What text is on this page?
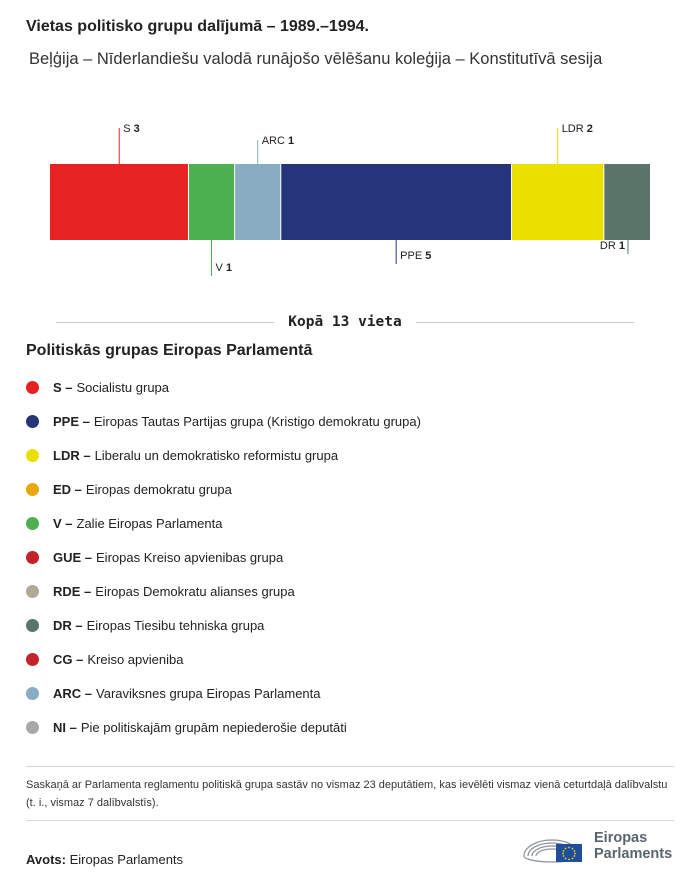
Vietas politisko grupu dalījumā – 1989.–1994.
Beļģija – Nīderlandiešu valodā runājošo vēlēšanu koleģija – Konstitutīvā sesija
S 3
V 1
ARC 1
PPE 5
LDR 2
DR 1
Kopā 13 vieta
Politiskās grupas Eiropas Parlamentā
S – Socialistu grupa
PPE – Eiropas Tautas Partijas grupa (Kristigo demokratu grupa)
LDR – Liberalu un demokratisko reformistu grupa
ED – Eiropas demokratu grupa
V – Zalie Eiropas Parlamenta
GUE – Eiropas Kreiso apvienibas grupa
RDE – Eiropas Demokratu alianses grupa
DR – Eiropas Tiesibu tehniska grupa
CG – Kreiso apvieniba
ARC – Varaviksnes grupa Eiropas Parlamenta
NI – Pie politiskajām grupām nepiederošie deputāti

Saskaņā ar Parlamenta reglamentu politiskā grupa sastāv no vismaz 23 deputātiem, kas ievēlēti vismaz vienā ceturtdaļā dalībvalstu (t. i., vismaz 7 dalībvalstīs).

Avots: Eiropas Parlaments
Eiropas
Parlaments
